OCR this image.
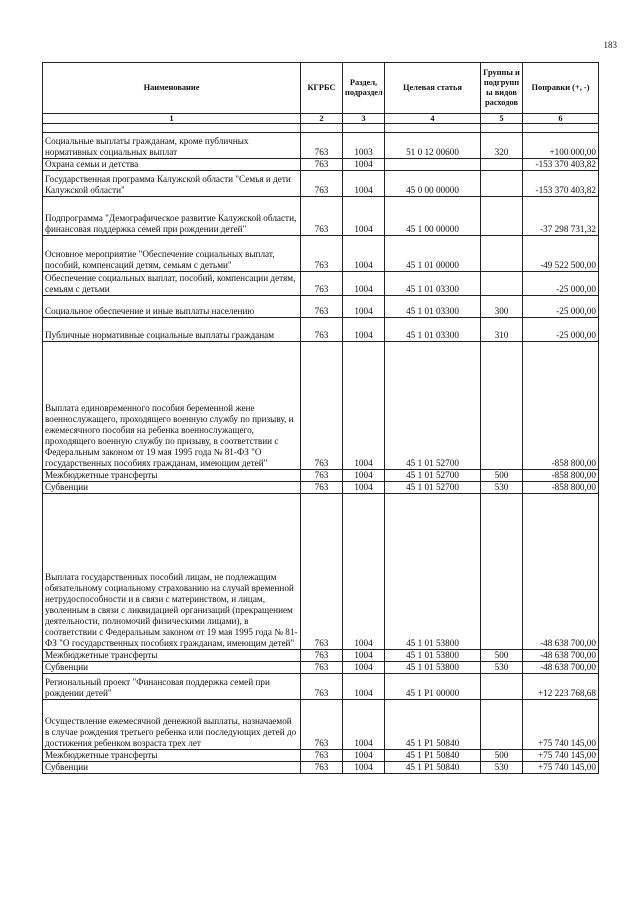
183
Наименование	КГРБС	Раздел, подраздел	Целевая статья	Группы и подгрупп ы видов расходов	Поправки (+, -)
1	2	3	4	5	6

Социальные выплаты гражданам, кроме публичных нормативных социальных выплат	763	1003	51 0 12 00600	320	+100 000,00
Охрана семьи и детства	763	1004			-153 370 403,82
Государственная программа Калужской области "Семья и дети Калужской области"	763	1004	45 0 00 00000		-153 370 403,82
Подпрограмма "Демографическое развитие Калужской области, финансовая поддержка семей при рождении детей"	763	1004	45 1 00 00000		-37 298 731,32
Основное мероприятие "Обеспечение социальных выплат, пособий, компенсаций детям, семьям с детьми"	763	1004	45 1 01 00000		-49 522 500,00
Обеспечение социальных выплат, пособий, компенсации детям, семьям с детьми	763	1004	45 1 01 03300		-25 000,00
Социальное обеспечение и иные выплаты населению	763	1004	45 1 01 03300	300	-25 000,00
Публичные нормативные социальные выплаты гражданам	763	1004	45 1 01 03300	310	-25 000,00
Выплата единовременного пособия беременной жене военнослужащего, проходящего военную службу по призыву, и ежемесячного пособия на ребенка военнослужащего, проходящего военную службу по призыву, в соответствии с Федеральным законом от 19 мая 1995 года № 81-ФЗ "О государственных пособиях гражданам, имеющим детей"	763	1004	45 1 01 52700		-858 800,00
Межбюджетные трансферты	763	1004	45 1 01 52700	500	-858 800,00
Субвенции	763	1004	45 1 01 52700	530	-858 800,00
Выплата государственных пособий лицам, не подлежащим обязательному социальному страхованию на случай временной нетрудоспособности и в связи с материнством, и лицам, уволенным в связи с ликвидацией организаций (прекращением деятельности, полномочий физическими лицами), в соответствии с Федеральным законом от 19 мая 1995 года № 81-ФЗ "О государственных пособиях гражданам, имеющим детей"	763	1004	45 1 01 53800		-48 638 700,00
Межбюджетные трансферты	763	1004	45 1 01 53800	500	-48 638 700,00
Субвенции	763	1004	45 1 01 53800	530	-48 638 700,00
Региональный проект "Финансовая поддержка семей при рождении детей"	763	1004	45 1 P1 00000		+12 223 768,68
Осуществление ежемесячной денежной выплаты, назначаемой в случае рождения третьего ребенка или последующих детей до достижения ребенком возраста трех лет	763	1004	45 1 P1 50840		+75 740 145,00
Межбюджетные трансферты	763	1004	45 1 P1 50840	500	+75 740 145,00
Субвенции	763	1004	45 1 P1 50840	530	+75 740 145,00
